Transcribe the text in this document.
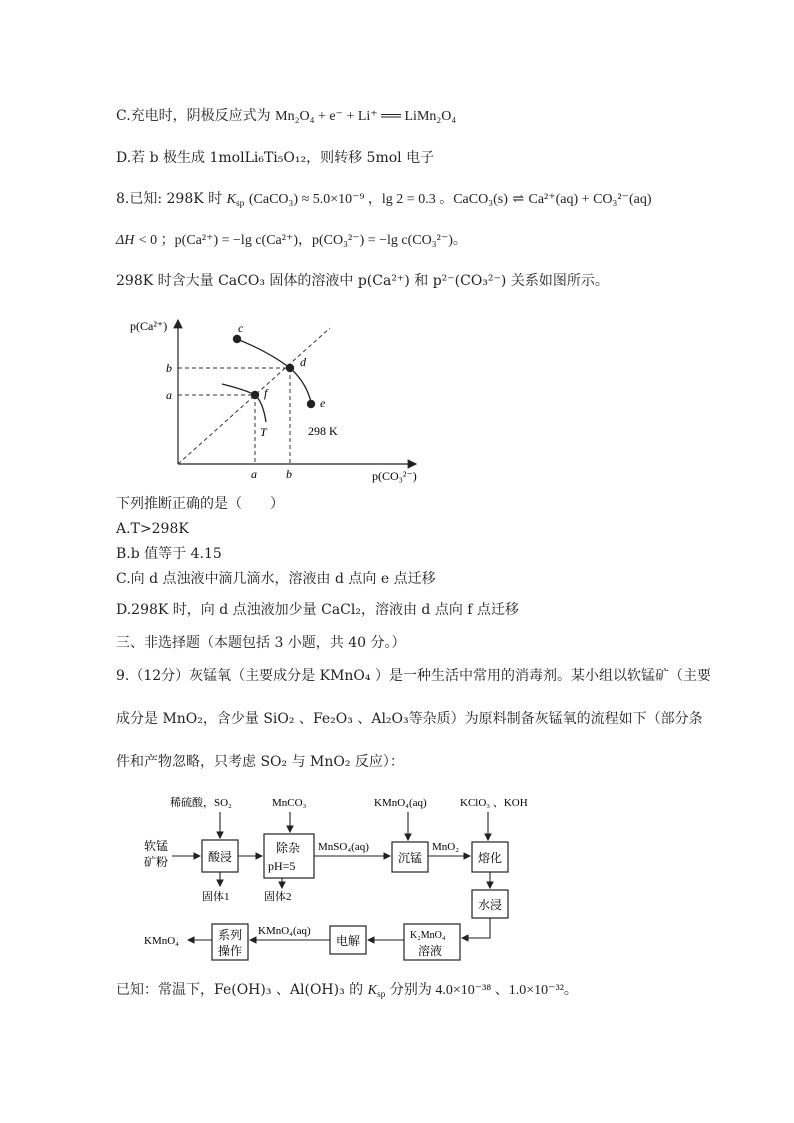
C.充电时，阴极反应式为 Mn₂O₄ + e⁻ + Li⁺ ══ LiMn₂O₄
D.若 b 极生成 1molLi₆Ti₅O₁₂，则转移 5mol 电子
8.已知: 298K 时 $K_{sp}$ (CaCO₃) ≈ 5.0×10⁻⁹ ，lg 2 = 0.3 。CaCO₃(s) ⇌ Ca²⁺(aq) + CO₃²⁻(aq)
ΔH < 0 ；p(Ca²⁺) = −lg c(Ca²⁺)，p(CO₃²⁻) = −lg c(CO₃²⁻)。
298K 时含大量 CaCO₃ 固体的溶液中 p(Ca²⁺) 和 p²⁻(CO₃²⁻) 关系如图所示。
p(Ca²⁺)
p(CO₃²⁻)
b
a
a b
c
d
e
f
T	298 K
下列推断正确的是（　　）
A.T>298K
B.b 值等于 4.15
C.向 d 点浊液中滴几滴水，溶液由 d 点向 e 点迁移
D.298K 时，向 d 点浊液加少量 CaCl₂，溶液由 d 点向 f 点迁移
三、非选择题（本题包括 3 小题，共 40 分。）
9.（12分）灰锰氧（主要成分是 KMnO₄ ）是一种生活中常用的消毒剂。某小组以软锰矿（主要
成分是 MnO₂，含少量 SiO₂ 、Fe₂O₃ 、Al₂O₃等杂质）为原料制备灰锰氧的流程如下（部分条
件和产物忽略，只考虑 SO₂ 与 MnO₂ 反应）：
稀硫酸，SO₂	MnCO₃	KMnO₄(aq)	KClO₃ 、KOH
软锰
矿粉	酸浸
固体1
除杂
pH=5
固体2
MnSO₄(aq)
沉锰
MnO₂
熔化
水浸
K₂MnO₄
溶液
电解
KMnO₄(aq)
系列
操作
KMnO₄
已知：常温下，Fe(OH)₃ 、Al(OH)₃ 的 $K_{sp}$ 分别为 4.0×10⁻³⁸ 、1.0×10⁻³²。
